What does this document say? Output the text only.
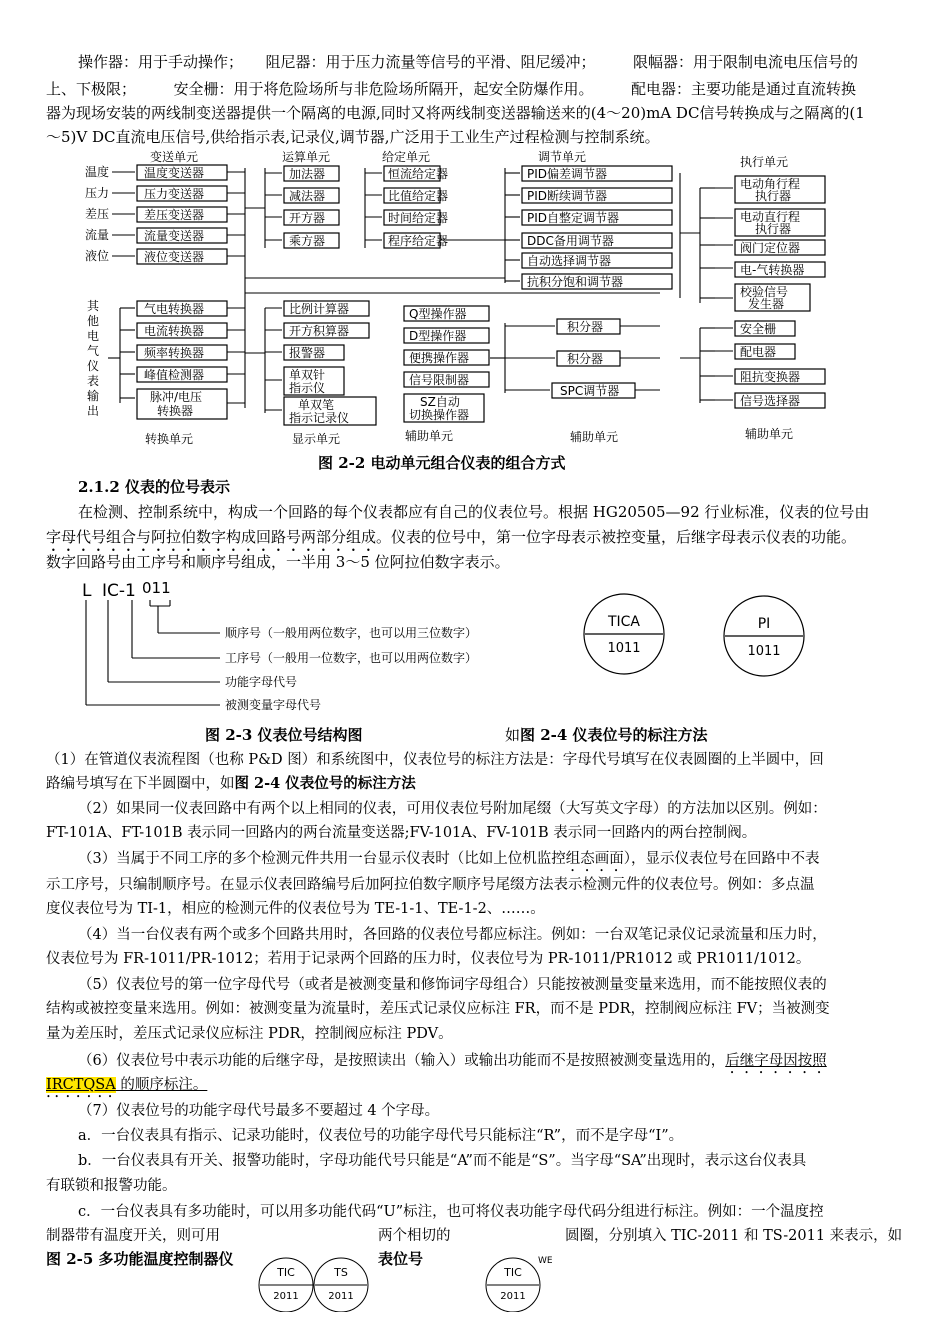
操作器：用于手动操作；　　阻尼器：用于压力流量等信号的平滑、阻尼缓冲；　　　限幅器：用于限制电流电压信号的
上、下极限；　　　安全栅：用于将危险场所与非危险场所隔开，起安全防爆作用。　　　配电器：主要功能是通过直流转换
器为现场安装的两线制变送器提供一个隔离的电源,同时又将两线制变送器输送来的(4～20)mA DC信号转换成与之隔离的(1
～5)V DC直流电压信号,供给指示表,记录仪,调节器,广泛用于工业生产过程检测与控制系统。
变送单元	运算单元	给定单元	调节单元	执行单元
转换单元	显示单元	辅助单元	辅助单元	辅助单元
温度
压力
差压
流量
液位
其
他
电
气
仪
表
输
出
温度变送器
压力变送器
差压变送器
流量变送器
液位变送器
气电转换器
电流转换器
频率转换器
峰值检测器
脉冲/电压
转换器
加法器
减法器
开方器
乘方器
比例计算器
开方积算器
报警器
单双针
指示仪
单双笔
指示记录仪
恒流给定器
比值给定器
时间给定器
程序给定器
Q型操作器
D型操作器
便携操作器
信号限制器
SZ自动
切换操作器
PID偏差调节器
PID断续调节器
PID自整定调节器
DDC备用调节器
自动选择调节器
抗积分饱和调节器
积分器
积分器
SPC调节器
电动角行程
执行器
电动直行程
执行器
阀门定位器
电-气转换器
校验信号
发生器
安全栅
配电器
阻抗变换器
信号选择器
图 2-2 电动单元组合仪表的组合方式
2.1.2 仪表的位号表示
在检测、控制系统中，构成一个回路的每个仪表都应有自己的仪表位号。根据 HG20505—92 行业标准，仪表的位号由
字母代号组合与阿拉伯数字构成回路号两部分组成。仪表的位号中，第一位字母表示被控变量，后继字母表示仪表的功能。
数字回路号由工序号和顺序号组成，一半用 3～5 位阿拉伯数字表示。
L IC-1 011
顺序号（一般用两位数字，也可以用三位数字）
工序号（一般用一位数字，也可以用两位数字）
功能字母代号
被测变量字母代号
TICA
1011
PI
1011
图 2-3 仪表位号结构图	如图 2-4 仪表位号的标注方法
（1）在管道仪表流程图（也称 P&D 图）和系统图中，仪表位号的标注方法是：字母代号填写在仪表圆圈的上半圆中，回
路编号填写在下半圆圈中，如图 2-4 仪表位号的标注方法
（2）如果同一仪表回路中有两个以上相同的仪表，可用仪表位号附加尾缀（大写英文字母）的方法加以区别。例如：
FT-101A、FT-101B 表示同一回路内的两台流量变送器;FV-101A、FV-101B 表示同一回路内的两台控制阀。
（3）当属于不同工序的多个检测元件共用一台显示仪表时（比如上位机监控组态画面），显示仪表位号在回路中不表
示工序号，只编制顺序号。在显示仪表回路编号后加阿拉伯数字顺序号尾缀方法表示检测元件的仪表位号。例如：多点温
度仪表位号为 TI-1，相应的检测元件的仪表位号为 TE-1-1、TE-1-2、……。
（4）当一台仪表有两个或多个回路共用时，各回路的仪表位号都应标注。例如：一台双笔记录仪记录流量和压力时，
仪表位号为 FR-1011/PR-1012；若用于记录两个回路的压力时，仪表位号为 PR-1011/PR1012 或 PR1011/1012。
（5）仪表位号的第一位字母代号（或者是被测变量和修饰词字母组合）只能按被测量变量来选用，而不能按照仪表的
结构或被控变量来选用。例如：被测变量为流量时，差压式记录仪应标注 FR，而不是 PDR，控制阀应标注 FV；当被测变
量为差压时，差压式记录仪应标注 PDR，控制阀应标注 PDV。
（6）仪表位号中表示功能的后继字母，是按照读出（输入）或输出功能而不是按照被测变量选用的，后继字母因按照
IRCTQSA 的顺序标注。
（7）仪表位号的功能字母代号最多不要超过 4 个字母。
a．一台仪表具有指示、记录功能时，仪表位号的功能字母代号只能标注“R”，而不是字母“I”。
b．一台仪表具有开关、报警功能时，字母功能代号只能是“A”而不能是“S”。当字母“SA”出现时，表示这台仪表具
有联锁和报警功能。
c．一台仪表具有多功能时，可以用多功能代码“U”标注，也可将仪表功能字母代码分组进行标注。例如：一个温度控
制器带有温度开关，则可用	两个相切的	圆圈，分别填入 TIC-2011 和 TS-2011 来表示，如
图 2-5 多功能温度控制器仪	表位号
TIC
2011
TS
2011
TIC
2011
WE
